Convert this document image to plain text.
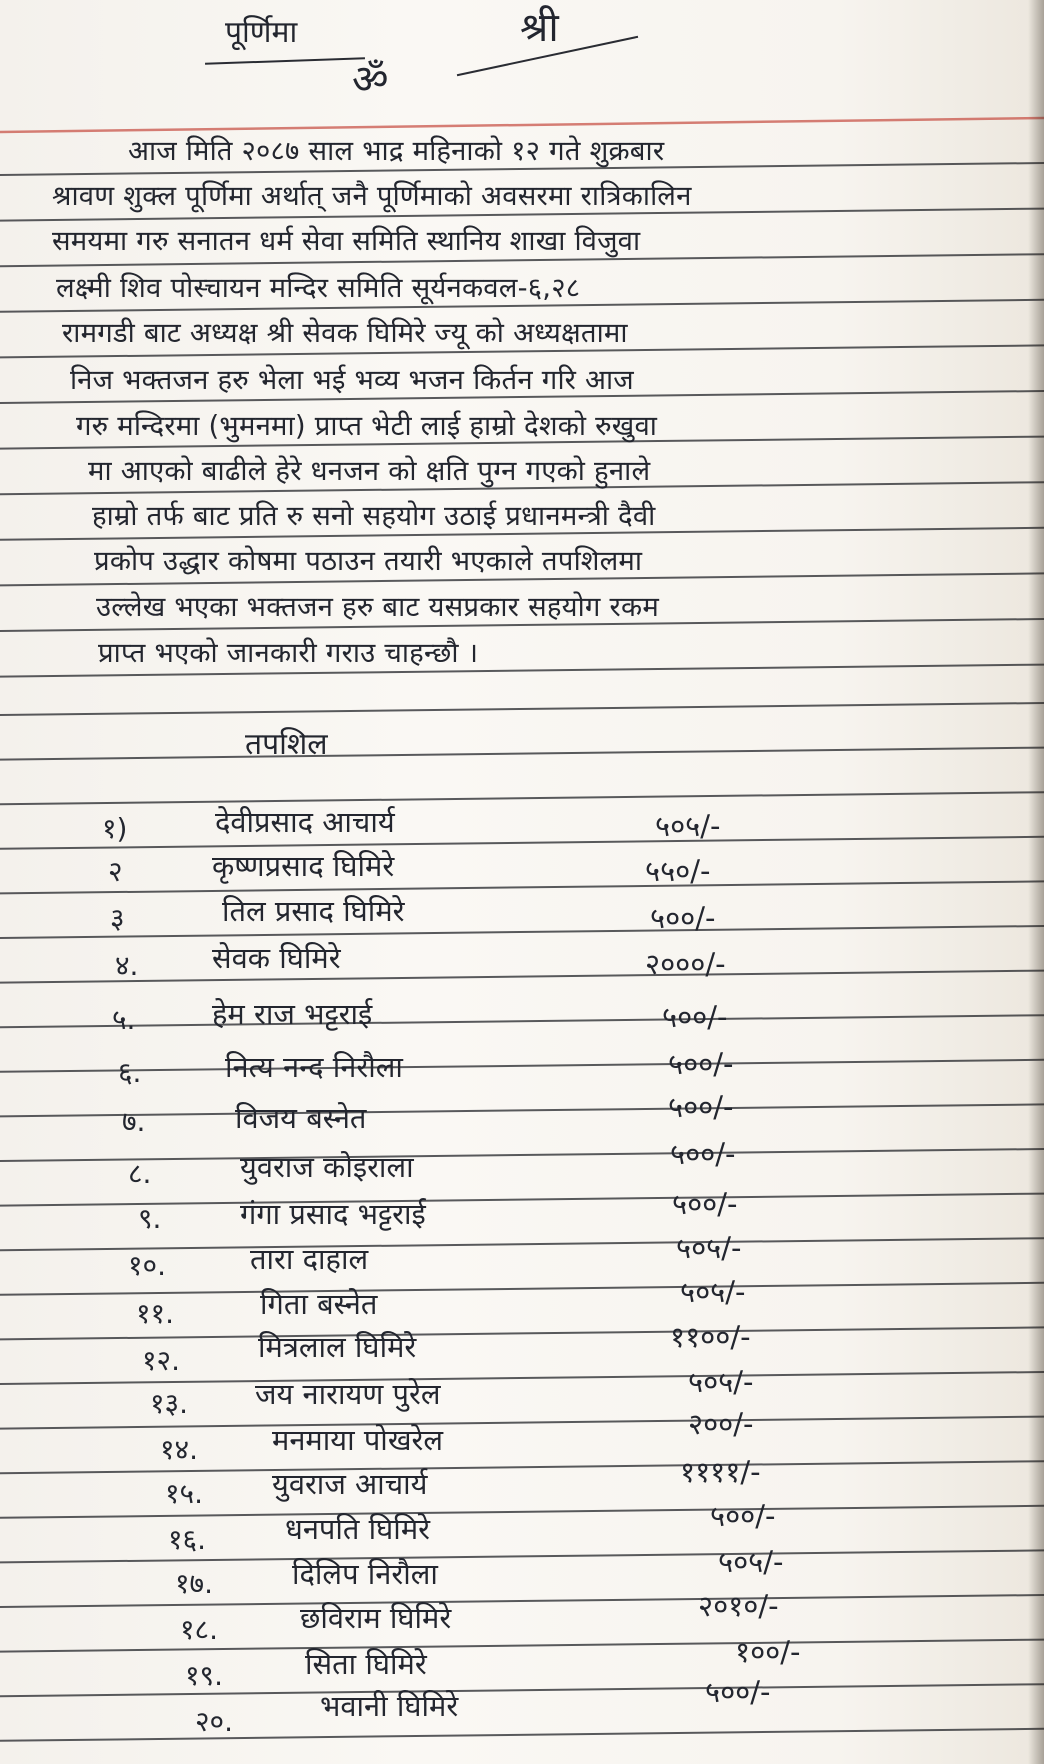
पूर्णिमा	श्री
ॐ
आज मिति २०८७ साल भाद्र महिनाको १२ गते शुक्रबार
श्रावण शुक्ल पूर्णिमा अर्थात् जनै पूर्णिमाको अवसरमा रात्रिकालिन
समयमा गरु सनातन धर्म सेवा समिति स्थानिय शाखा विजुवा
लक्ष्मी शिव पोस्चायन मन्दिर समिति सूर्यनकवल-६,२८
रामगडी बाट अध्यक्ष श्री सेवक घिमिरे ज्यू को अध्यक्षतामा
निज भक्तजन हरु भेला भई भव्य भजन किर्तन गरि आज
गरु मन्दिरमा (भुमनमा) प्राप्त भेटी लाई हाम्रो देशको रुखुवा
मा आएको बाढीले हेरे धनजन को क्षति पुग्न गएको हुनाले
हाम्रो तर्फ बाट प्रति रु सनो सहयोग उठाई प्रधानमन्त्री दैवी
प्रकोप उद्धार कोषमा पठाउन तयारी भएकाले तपशिलमा
उल्लेख भएका भक्तजन हरु बाट यसप्रकार सहयोग रकम
प्राप्त भएको जानकारी गराउ चाहन्छौ ।
तपशिल
१)	देवीप्रसाद आचार्य	५०५/-
२	कृष्णप्रसाद घिमिरे	५५०/-
३	तिल प्रसाद घिमिरे	५००/-
४.	सेवक घिमिरे	२०००/-
५.	हेम राज भट्टराई	५००/-
६.	नित्य नन्द निरौला	५००/-
७.	विजय बस्नेत	५००/-
८.	युवराज कोइराला	५००/-
९.	गंगा प्रसाद भट्टराई	५००/-
१०.	तारा दाहाल	५०५/-
११.	गिता बस्नेत	५०५/-
१२.	मित्रलाल घिमिरे	११००/-
१३. जय नारायण पुरेल	५०५/-
१४.	मनमाया पोखरेल	२००/-
१५. युवराज आचार्य	११११/-
१६.	धनपति घिमिरे	५००/-
१७.	दिलिप निरौला	५०५/-
१८.	छविराम घिमिरे	२०१०/-
१९.	सिता घिमिरे	१००/-
२०.	भवानी घिमिरे	५००/-
